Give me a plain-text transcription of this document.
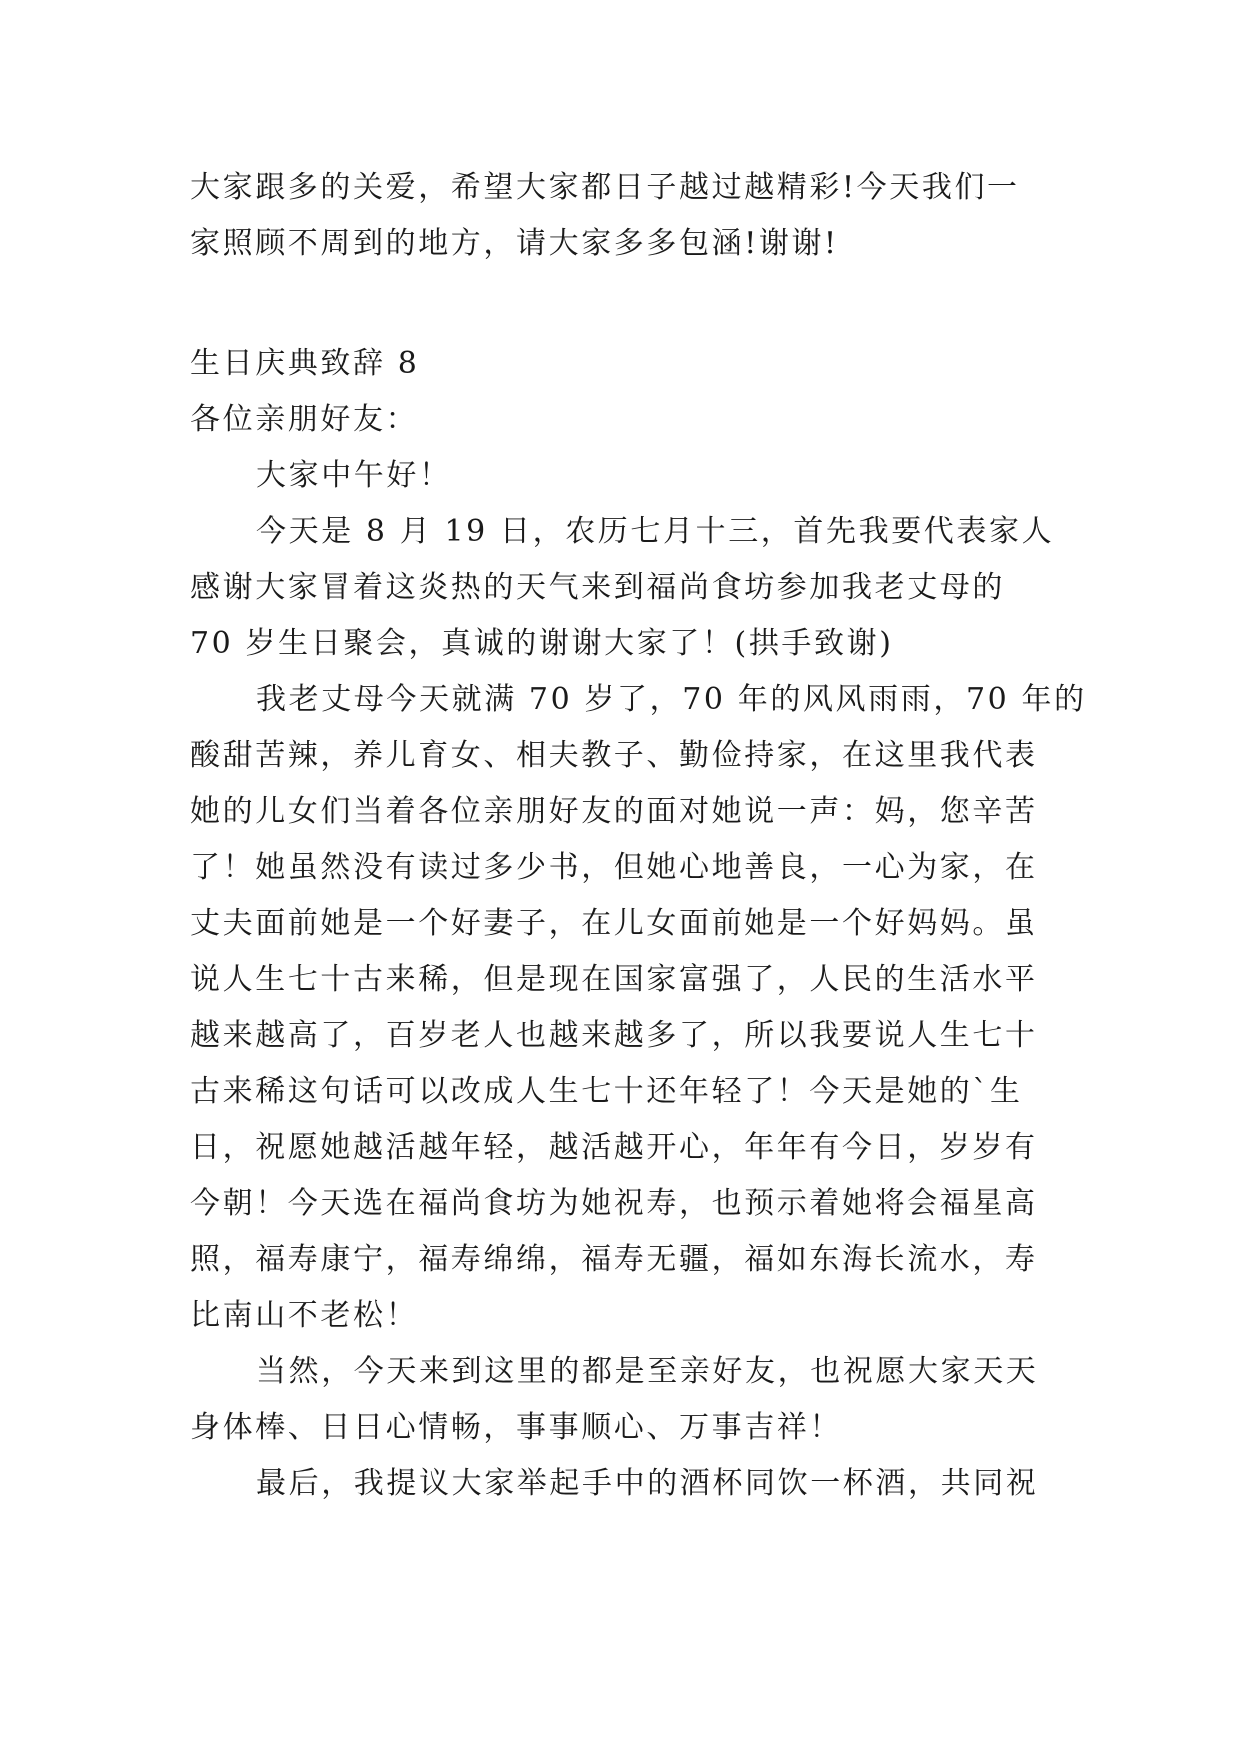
大家跟多的关爱，希望大家都日子越过越精彩!今天我们一
家照顾不周到的地方，请大家多多包涵!谢谢!
生日庆典致辞 8
各位亲朋好友：
大家中午好！
今天是 8 月 19 日，农历七月十三，首先我要代表家人
感谢大家冒着这炎热的天气来到福尚食坊参加我老丈母的
70 岁生日聚会，真诚的谢谢大家了！(拱手致谢)
我老丈母今天就满 70 岁了，70 年的风风雨雨，70 年的
酸甜苦辣，养儿育女、相夫教子、勤俭持家，在这里我代表
她的儿女们当着各位亲朋好友的面对她说一声：妈，您辛苦
了！她虽然没有读过多少书，但她心地善良，一心为家，在
丈夫面前她是一个好妻子，在儿女面前她是一个好妈妈。虽
说人生七十古来稀，但是现在国家富强了，人民的生活水平
越来越高了，百岁老人也越来越多了，所以我要说人生七十
古来稀这句话可以改成人生七十还年轻了！今天是她的`生
日，祝愿她越活越年轻，越活越开心，年年有今日，岁岁有
今朝！今天选在福尚食坊为她祝寿，也预示着她将会福星高
照，福寿康宁，福寿绵绵，福寿无疆，福如东海长流水，寿
比南山不老松！
当然，今天来到这里的都是至亲好友，也祝愿大家天天
身体棒、日日心情畅，事事顺心、万事吉祥！
最后，我提议大家举起手中的酒杯同饮一杯酒，共同祝
